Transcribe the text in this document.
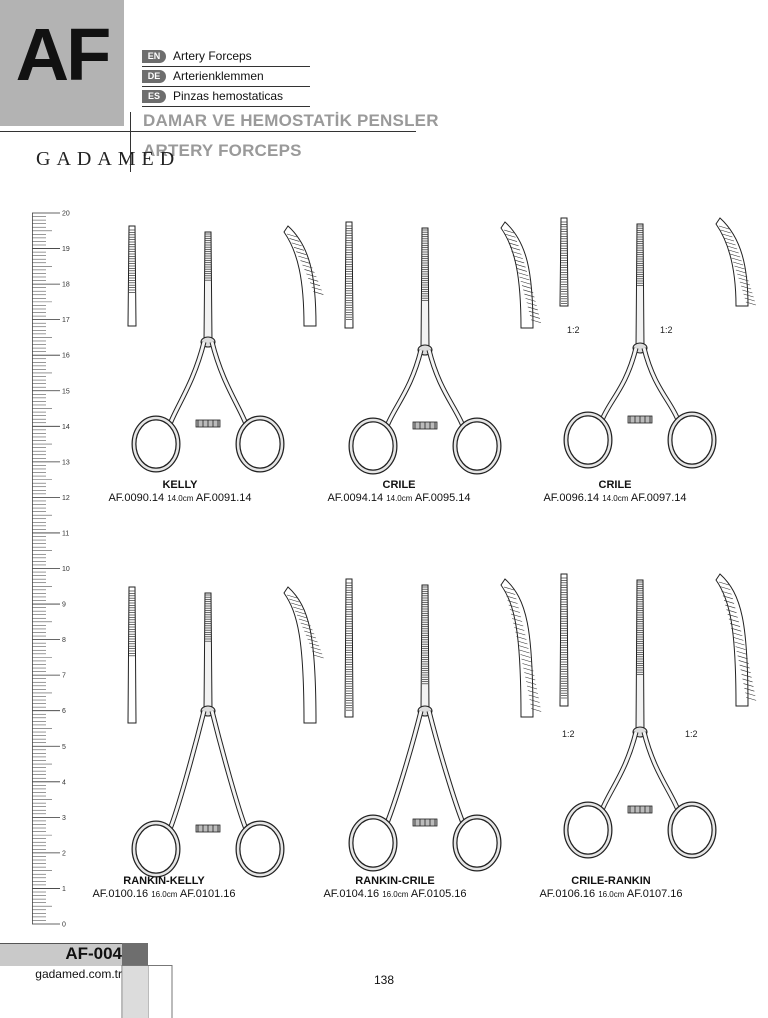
AF	EN	Artery Forceps
DE	Arterienklemmen
ES	Pinzas hemostaticas
DAMAR VE HEMOSTATİK PENSLER
ARTERY FORCEPS
GADAMED
20
19
18
17
16
15
14
13
12
11
10
9
8
7
6
5
4
3
2
1
0
KELLY
AF.0090.14 14.0cm AF.0091.14
CRILE
AF.0094.14 14.0cm AF.0095.14
CRILE
AF.0096.14 14.0cm AF.0097.14
RANKIN-KELLY
AF.0100.16 16.0cm AF.0101.16
RANKIN-CRILE
AF.0104.16 16.0cm AF.0105.16
CRILE-RANKIN
AF.0106.16 16.0cm AF.0107.16
1:2	1:2
1:2	1:2
AF-004
gadamed.com.tr	138
